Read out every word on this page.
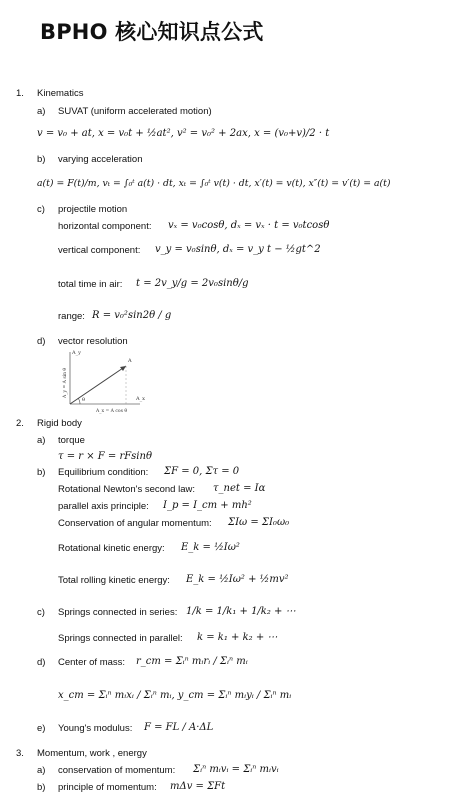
BPHO 核心知识点公式
1. Kinematics
a) SUVAT (uniform accelerated motion)
v = v₀ + at, x = v₀t + ½at², v² = v₀² + 2ax, x = (v₀+v)/2 · t
b) varying acceleration
a(t) = F(t)/m, vₜ = ∫₀ᵗ a(t) · dt, xₜ = ∫₀ᵗ v(t) · dt, x′(t) = v(t), x″(t) = v′(t) = a(t)
c) projectile motion
horizontal component: vₓ = v₀cosθ, dₓ = vₓ · t = v₀tcosθ
vertical component: v_y = v₀sinθ, dₓ = v_y t − ½gt^2
total time in air: t = 2v_y/g = 2v₀sinθ/g
range: R = v₀²sin2θ / g
d) vector resolution
A_y
A_x
A
θ
A_y = A sin θ
A_x = A cos θ
2. Rigid body
a) torque
τ = r × F = rFsinθ
b) Equilibrium condition: ΣF = 0, Στ = 0
Rotational Newton's second law: τ_net = Iα
parallel axis principle: I_p = I_cm + mh²
Conservation of angular momentum: ΣIω = ΣI₀ω₀
Rotational kinetic energy: E_k = ½Iω²
Total rolling kinetic energy: E_k = ½Iω² + ½mv²
c) Springs connected in series: 1/k = 1/k₁ + 1/k₂ + ⋯
Springs connected in parallel: k = k₁ + k₂ + ⋯
d) Center of mass: r_cm = Σᵢⁿ mᵢrᵢ / Σᵢⁿ mᵢ
x_cm = Σᵢⁿ mᵢxᵢ / Σᵢⁿ mᵢ, y_cm = Σᵢⁿ mᵢyᵢ / Σᵢⁿ mᵢ
e) Young's modulus: F = FL / A·ΔL
3. Momentum, work , energy
a) conservation of momentum: Σᵢⁿ mᵢvᵢ = Σᵢⁿ mᵢvᵢ
b) principle of momentum: mΔv = ΣFt
